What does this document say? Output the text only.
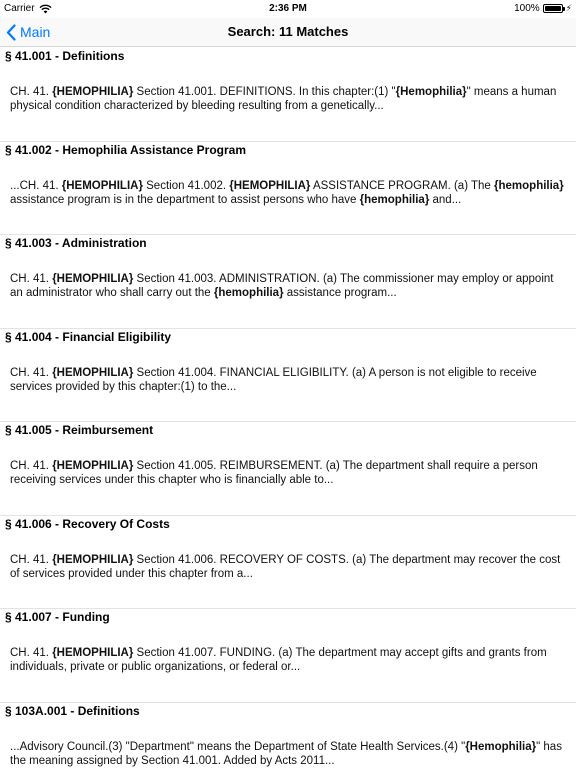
Carrier	2:36 PM	100%	⚡
Main	Search: 11 Matches
§ 41.001 - Definitions
CH. 41. {HEMOPHILIA} Section 41.001. DEFINITIONS. In this chapter:(1) "{Hemophilia}" means a human physical condition characterized by bleeding resulting from a genetically...
§ 41.002 - Hemophilia Assistance Program
...CH. 41. {HEMOPHILIA} Section 41.002. {HEMOPHILIA} ASSISTANCE PROGRAM. (a) The {hemophilia} assistance program is in the department to assist persons who have {hemophilia} and...
§ 41.003 - Administration
CH. 41. {HEMOPHILIA} Section 41.003. ADMINISTRATION. (a) The commissioner may employ or appoint an administrator who shall carry out the {hemophilia} assistance program...
§ 41.004 - Financial Eligibility
CH. 41. {HEMOPHILIA} Section 41.004. FINANCIAL ELIGIBILITY. (a) A person is not eligible to receive services provided by this chapter:(1) to the...
§ 41.005 - Reimbursement
CH. 41. {HEMOPHILIA} Section 41.005. REIMBURSEMENT. (a) The department shall require a person receiving services under this chapter who is financially able to...
§ 41.006 - Recovery Of Costs
CH. 41. {HEMOPHILIA} Section 41.006. RECOVERY OF COSTS. (a) The department may recover the cost of services provided under this chapter from a...
§ 41.007 - Funding
CH. 41. {HEMOPHILIA} Section 41.007. FUNDING. (a) The department may accept gifts and grants from individuals, private or public organizations, or federal or...
§ 103A.001 - Definitions
...Advisory Council.(3) "Department" means the Department of State Health Services.(4) "{Hemophilia}" has the meaning assigned by Section 41.001. Added by Acts 2011...
